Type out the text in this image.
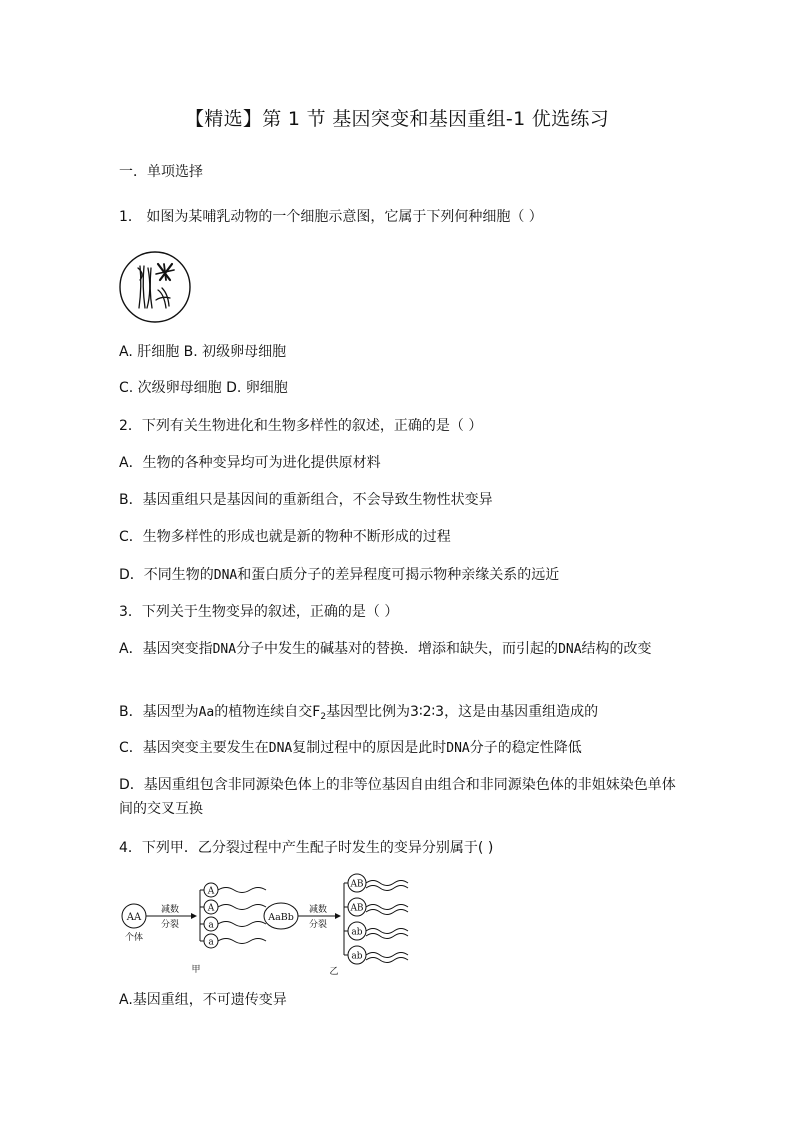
【精选】第 1 节 基因突变和基因重组-1 优选练习
一．单项选择
1． 如图为某哺乳动物的一个细胞示意图，它属于下列何种细胞（ ）
A. 肝细胞 B. 初级卵母细胞
C. 次级卵母细胞 D. 卵细胞
2．下列有关生物进化和生物多样性的叙述，正确的是（ ）
A．生物的各种变异均可为进化提供原材料
B．基因重组只是基因间的重新组合，不会导致生物性状变异
C．生物多样性的形成也就是新的物种不断形成的过程
D．不同生物的DNA和蛋白质分子的差异程度可揭示物种亲缘关系的远近
3．下列关于生物变异的叙述，正确的是（ ）
A．基因突变指DNA分子中发生的碱基对的替换．增添和缺失，而引起的DNA结构的改变
B．基因型为Aa的植物连续自交$F_2$基因型比例为3∶2∶3，这是由基因重组造成的
C．基因突变主要发生在DNA复制过程中的原因是此时DNA分子的稳定性降低
D．基因重组包含非同源染色体上的非等位基因自由组合和非同源染色体的非姐妹染色单体间的交叉互换
4．下列甲．乙分裂过程中产生配子时发生的变异分别属于( )
AA
个体
减数
分裂
A
A
a
a
甲
AaBb
减数
分裂
AB
AB
ab
ab
乙
A.基因重组，不可遗传变异
